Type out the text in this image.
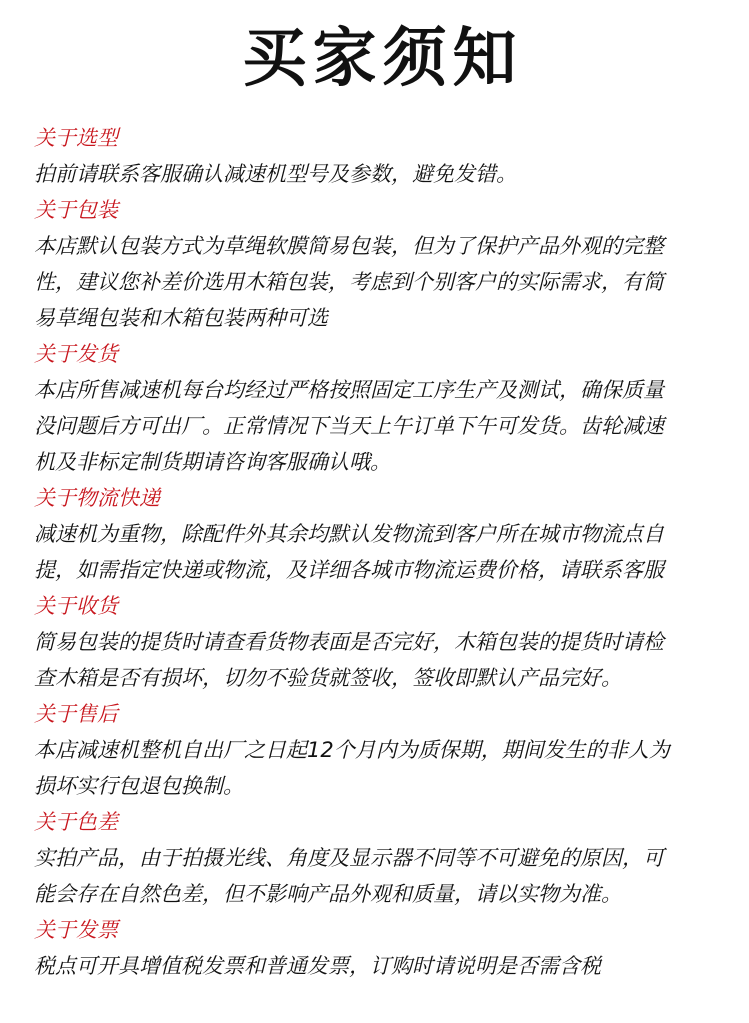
买家须知
关于选型
拍前请联系客服确认减速机型号及参数，避免发错。
关于包装
本店默认包装方式为草绳软膜简易包装，但为了保护产品外观的完整
性，建议您补差价选用木箱包装，考虑到个别客户的实际需求，有简
易草绳包装和木箱包装两种可选
关于发货
本店所售减速机每台均经过严格按照固定工序生产及测试，确保质量
没问题后方可出厂。正常情况下当天上午订单下午可发货。齿轮减速
机及非标定制货期请咨询客服确认哦。
关于物流快递
减速机为重物，除配件外其余均默认发物流到客户所在城市物流点自
提，如需指定快递或物流，及详细各城市物流运费价格，请联系客服
关于收货
简易包装的提货时请查看货物表面是否完好，木箱包装的提货时请检
查木箱是否有损坏，切勿不验货就签收，签收即默认产品完好。
关于售后
本店减速机整机自出厂之日起12个月内为质保期，期间发生的非人为
损坏实行包退包换制。
关于色差
实拍产品，由于拍摄光线、角度及显示器不同等不可避免的原因，可
能会存在自然色差，但不影响产品外观和质量，请以实物为准。
关于发票
税点可开具增值税发票和普通发票，订购时请说明是否需含税
